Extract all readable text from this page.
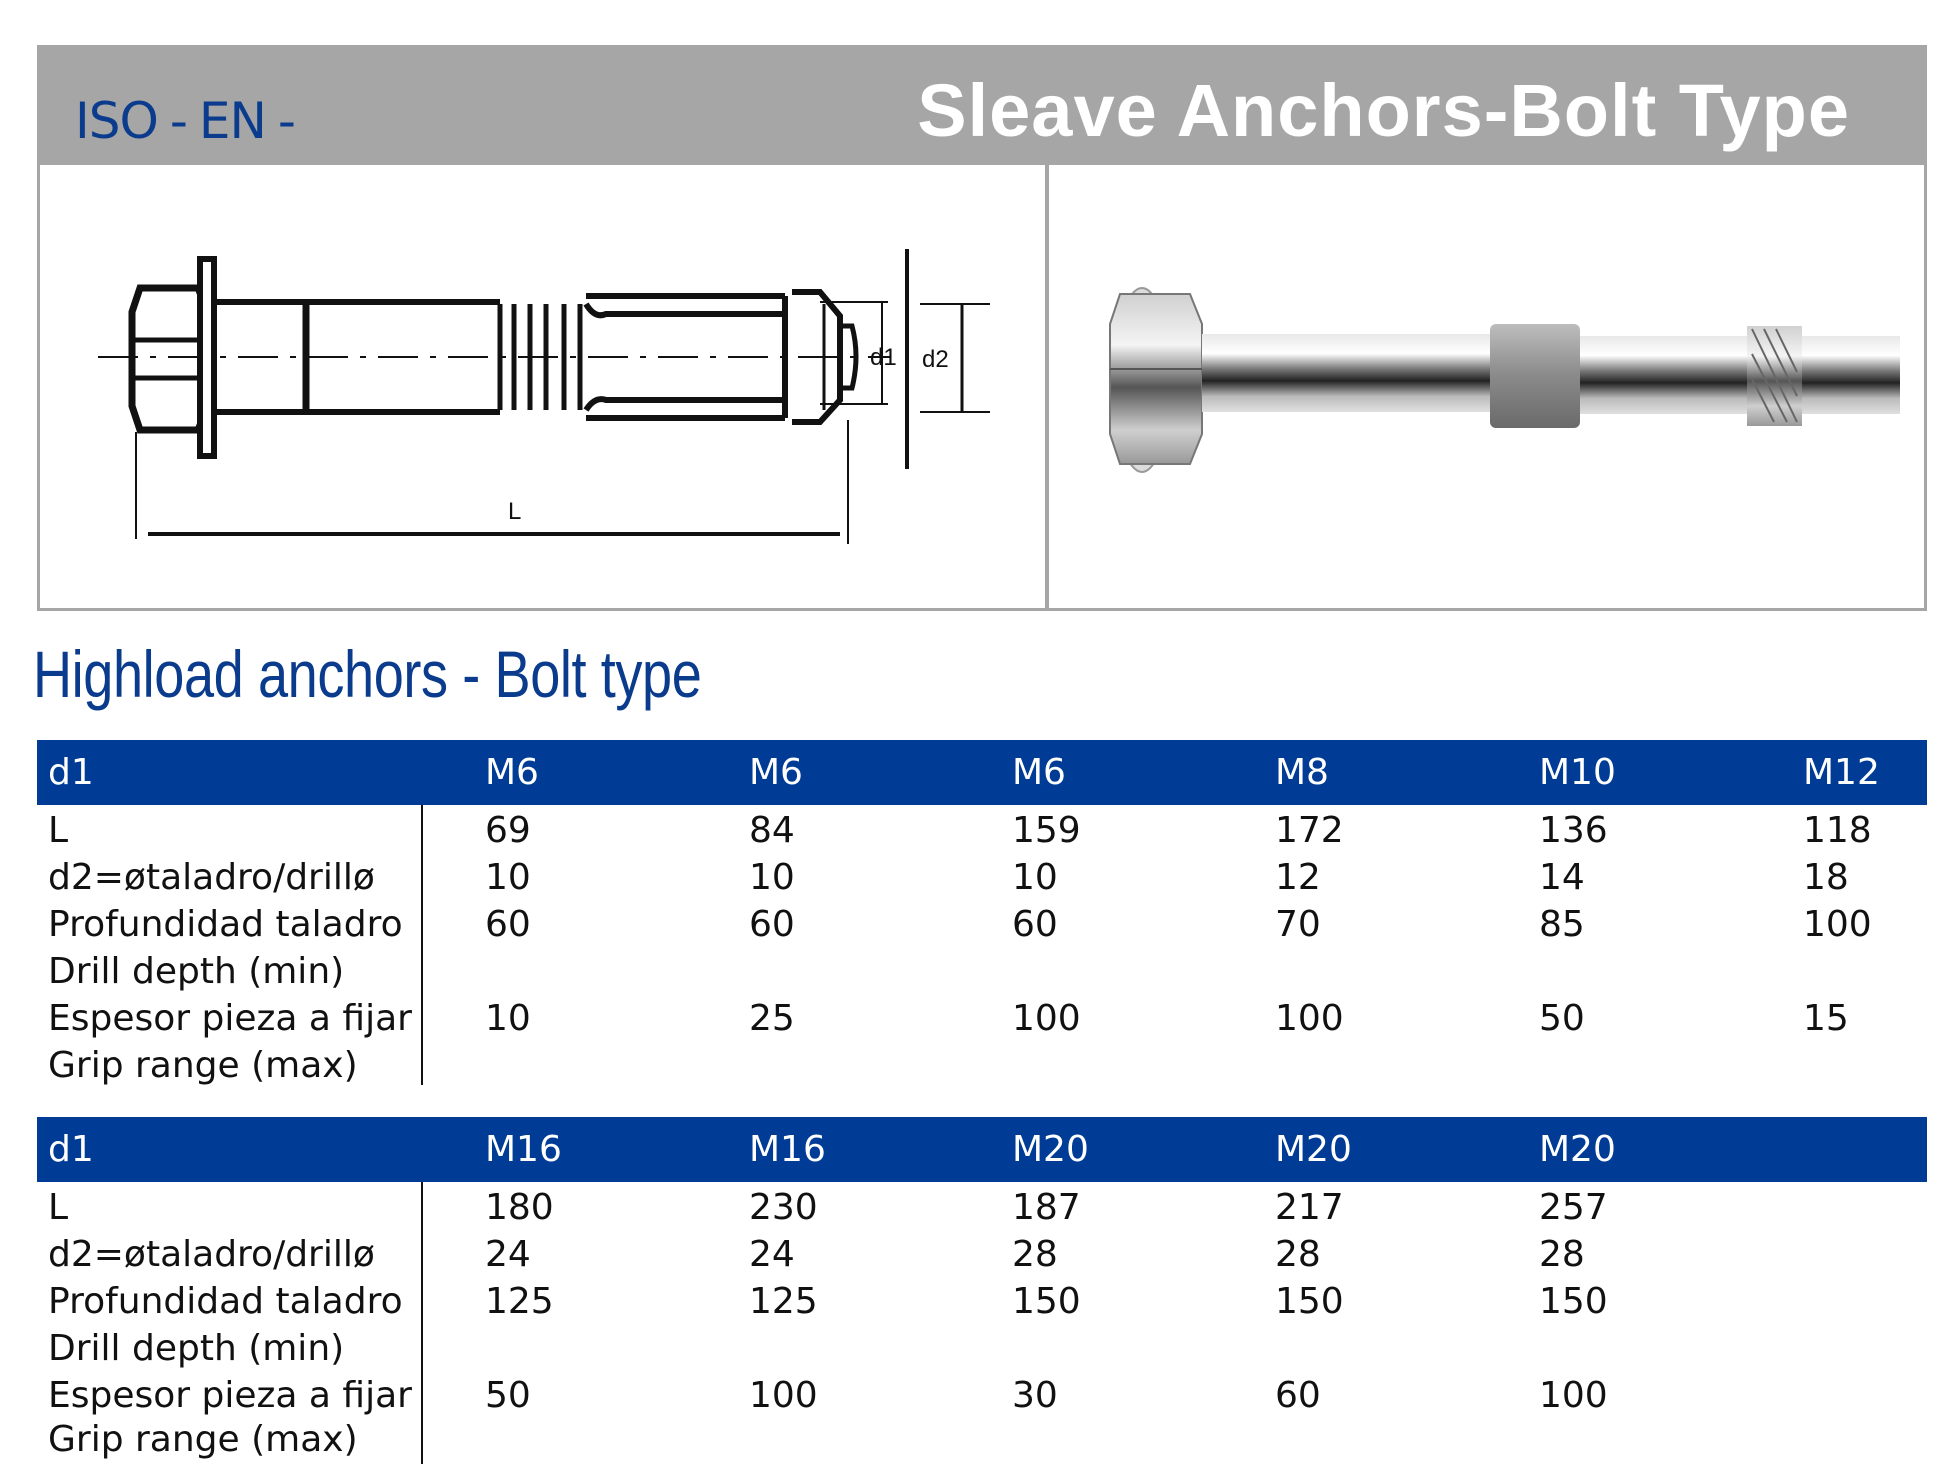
ISO - EN -	Sleave Anchors-Bolt Type
L
d1 d2
Highload anchors - Bolt type
d1	M6	M6	M6	M8	M10	M12
L	69	84	159	172	136	118
d2=øtaladro/drillø	10	10	10	12	14	18
Profundidad taladro 60	60	60	70	85	100
Drill depth (min)
Espesor pieza a fijar 10	25	100	100	50	15
Grip range (max)
d1	M16	M16	M20	M20	M20
L	180	230	187	217	257
d2=øtaladro/drillø	24	24	28	28	28
Profundidad taladro 125	125	150	150	150
Drill depth (min)
Espesor pieza a fijar 50	100	30	60	100
Grip range (max)
